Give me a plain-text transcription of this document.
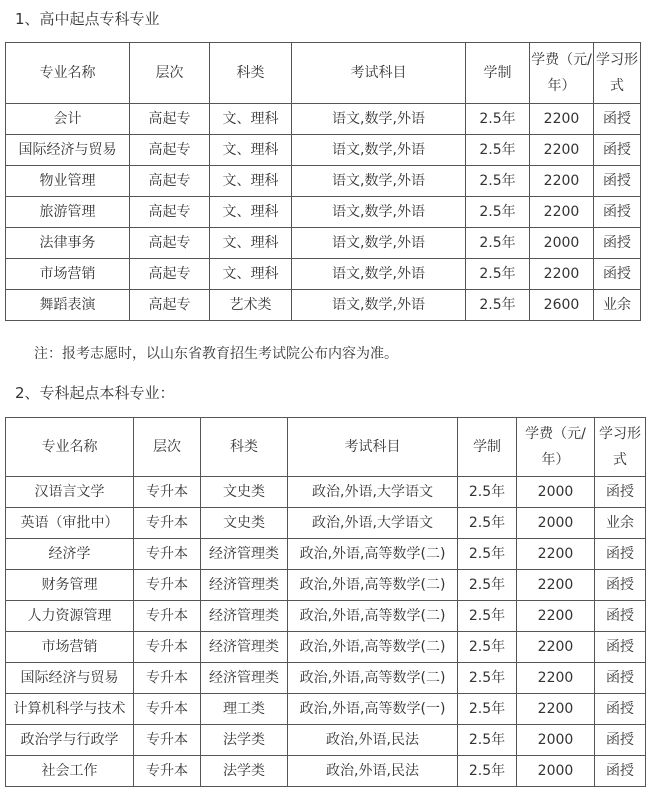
1、高中起点专科专业
专业名称	层次	科类	考试科目	学制	学费（元/年）	学习形式
会计	高起专	文、理科	语文,数学,外语	2.5年	2200	函授
国际经济与贸易	高起专	文、理科	语文,数学,外语	2.5年	2200	函授
物业管理	高起专	文、理科	语文,数学,外语	2.5年	2200	函授
旅游管理	高起专	文、理科	语文,数学,外语	2.5年	2200	函授
法律事务	高起专	文、理科	语文,数学,外语	2.5年	2000	函授
市场营销	高起专	文、理科	语文,数学,外语	2.5年	2200	函授
舞蹈表演	高起专	艺术类	语文,数学,外语	2.5年	2600	业余
注：报考志愿时，以山东省教育招生考试院公布内容为准。
2、专科起点本科专业：
专业名称	层次	科类	考试科目	学制	学费（元/年）	学习形式
汉语言文学	专升本	文史类	政治,外语,大学语文	2.5年	2000	函授
英语（审批中）	专升本	文史类	政治,外语,大学语文	2.5年	2000	业余
经济学	专升本	经济管理类	政治,外语,高等数学(二)	2.5年	2200	函授
财务管理	专升本	经济管理类	政治,外语,高等数学(二)	2.5年	2200	函授
人力资源管理	专升本	经济管理类	政治,外语,高等数学(二)	2.5年	2200	函授
市场营销	专升本	经济管理类	政治,外语,高等数学(二)	2.5年	2200	函授
国际经济与贸易	专升本	经济管理类	政治,外语,高等数学(二)	2.5年	2200	函授
计算机科学与技术	专升本	理工类	政治,外语,高等数学(一)	2.5年	2200	函授
政治学与行政学	专升本	法学类	政治,外语,民法	2.5年	2000	函授
社会工作	专升本	法学类	政治,外语,民法	2.5年	2000	函授
